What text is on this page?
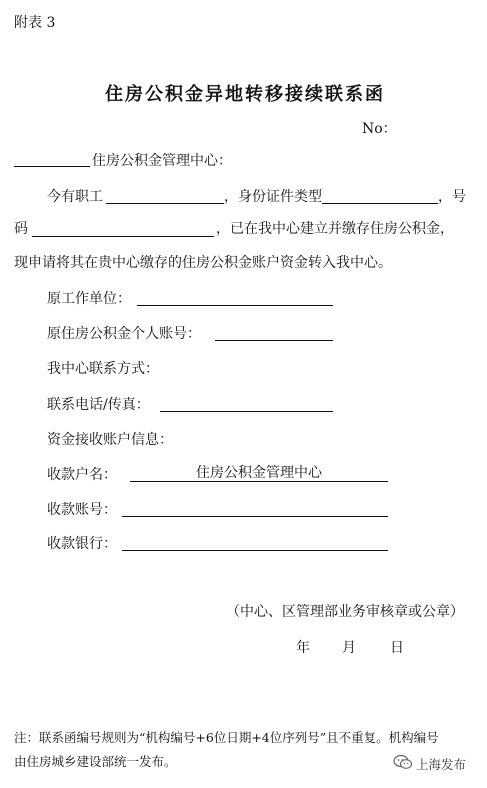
附表 3
住房公积金异地转移接续联系函
No：
住房公积金管理中心：
今有职工	，身份证件类型	，号
码	，已在我中心建立并缴存住房公积金，
现申请将其在贵中心缴存的住房公积金账户资金转入我中心。
原工作单位：
原住房公积金个人账号：
我中心联系方式：
联系电话/传真：
资金接收账户信息：
收款户名：	住房公积金管理中心
收款账号：
收款银行：
（中心、区管理部业务审核章或公章）
年 月 日
注：联系函编号规则为“机构编号+6位日期+4位序列号”且不重复。机构编号
由住房城乡建设部统一发布。	上海发布
